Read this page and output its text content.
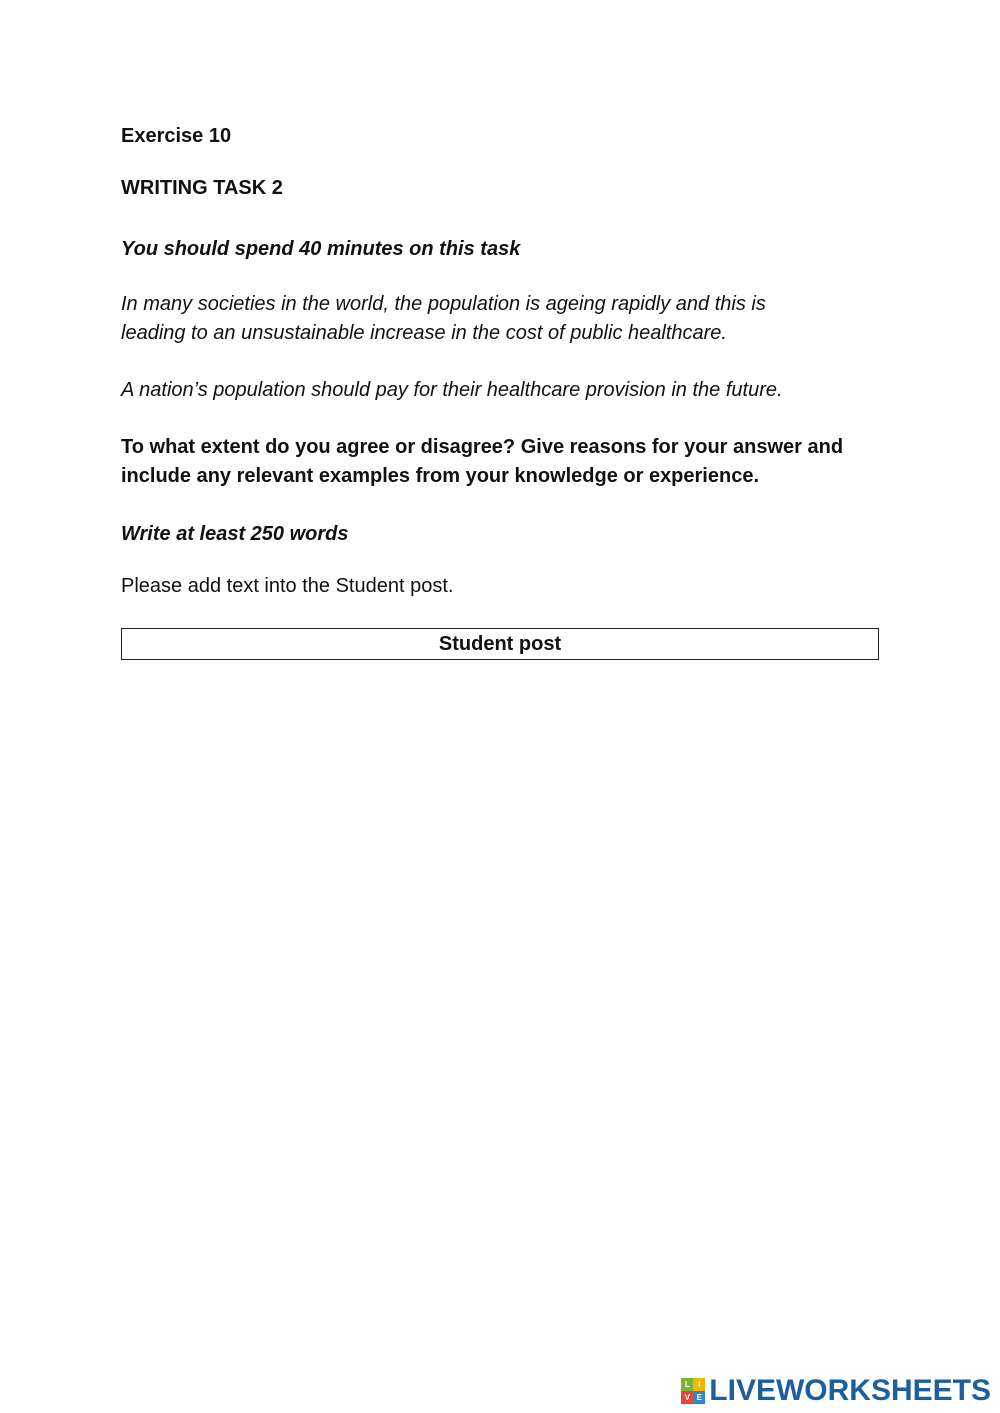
Exercise 10
WRITING TASK 2
You should spend 40 minutes on this task
In many societies in the world, the population is ageing rapidly and this is
leading to an unsustainable increase in the cost of public healthcare.
A nation’s population should pay for their healthcare provision in the future.
To what extent do you agree or disagree? Give reasons for your answer and
include any relevant examples from your knowledge or experience.
Write at least 250 words
Please add text into the Student post.
Student post
L	I
V E LIVEWORKSHEETS
